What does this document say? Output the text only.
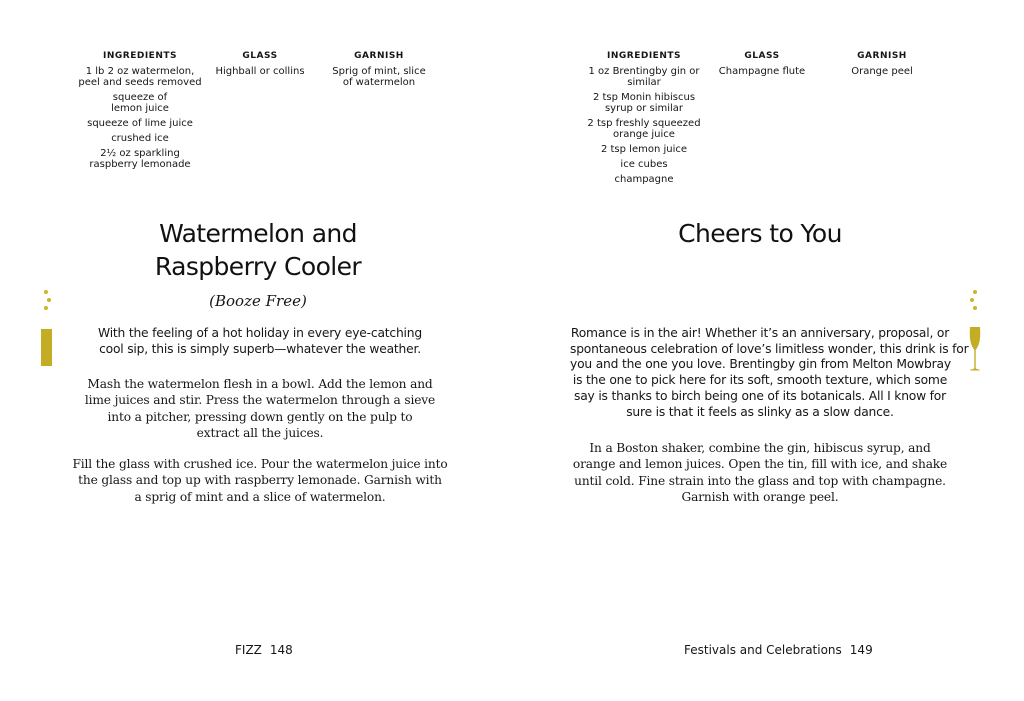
INGREDIENTS
1 lb 2 oz watermelon,
peel and seeds removed
squeeze of
lemon juice
squeeze of lime juice
crushed ice
2½ oz sparkling
raspberry lemonade
GLASS
Highball or collins
GARNISH
Sprig of mint, slice
of watermelon
Watermelon and
Raspberry Cooler
(Booze Free)
With the feeling of a hot holiday in every eye-catching
cool sip, this is simply superb—whatever the weather.

Mash the watermelon flesh in a bowl. Add the lemon and
lime juices and stir. Press the watermelon through a sieve
into a pitcher, pressing down gently on the pulp to
extract all the juices.

Fill the glass with crushed ice. Pour the watermelon juice into
the glass and top up with raspberry lemonade. Garnish with
a sprig of mint and a slice of watermelon.

FIZZ 148
INGREDIENTS
1 oz Brentingby gin or
similar
2 tsp Monin hibiscus
syrup or similar
2 tsp freshly squeezed
orange juice
2 tsp lemon juice
ice cubes
champagne
GLASS
Champagne flute
GARNISH
Orange peel
Cheers to You
Romance is in the air! Whether it’s an anniversary, proposal, or
spontaneous celebration of love’s limitless wonder, this drink is for
you and the one you love. Brentingby gin from Melton Mowbray
is the one to pick here for its soft, smooth texture, which some
say is thanks to birch being one of its botanicals. All I know for
sure is that it feels as slinky as a slow dance.

In a Boston shaker, combine the gin, hibiscus syrup, and
orange and lemon juices. Open the tin, fill with ice, and shake
until cold. Fine strain into the glass and top with champagne.
Garnish with orange peel.

Festivals and Celebrations 149
